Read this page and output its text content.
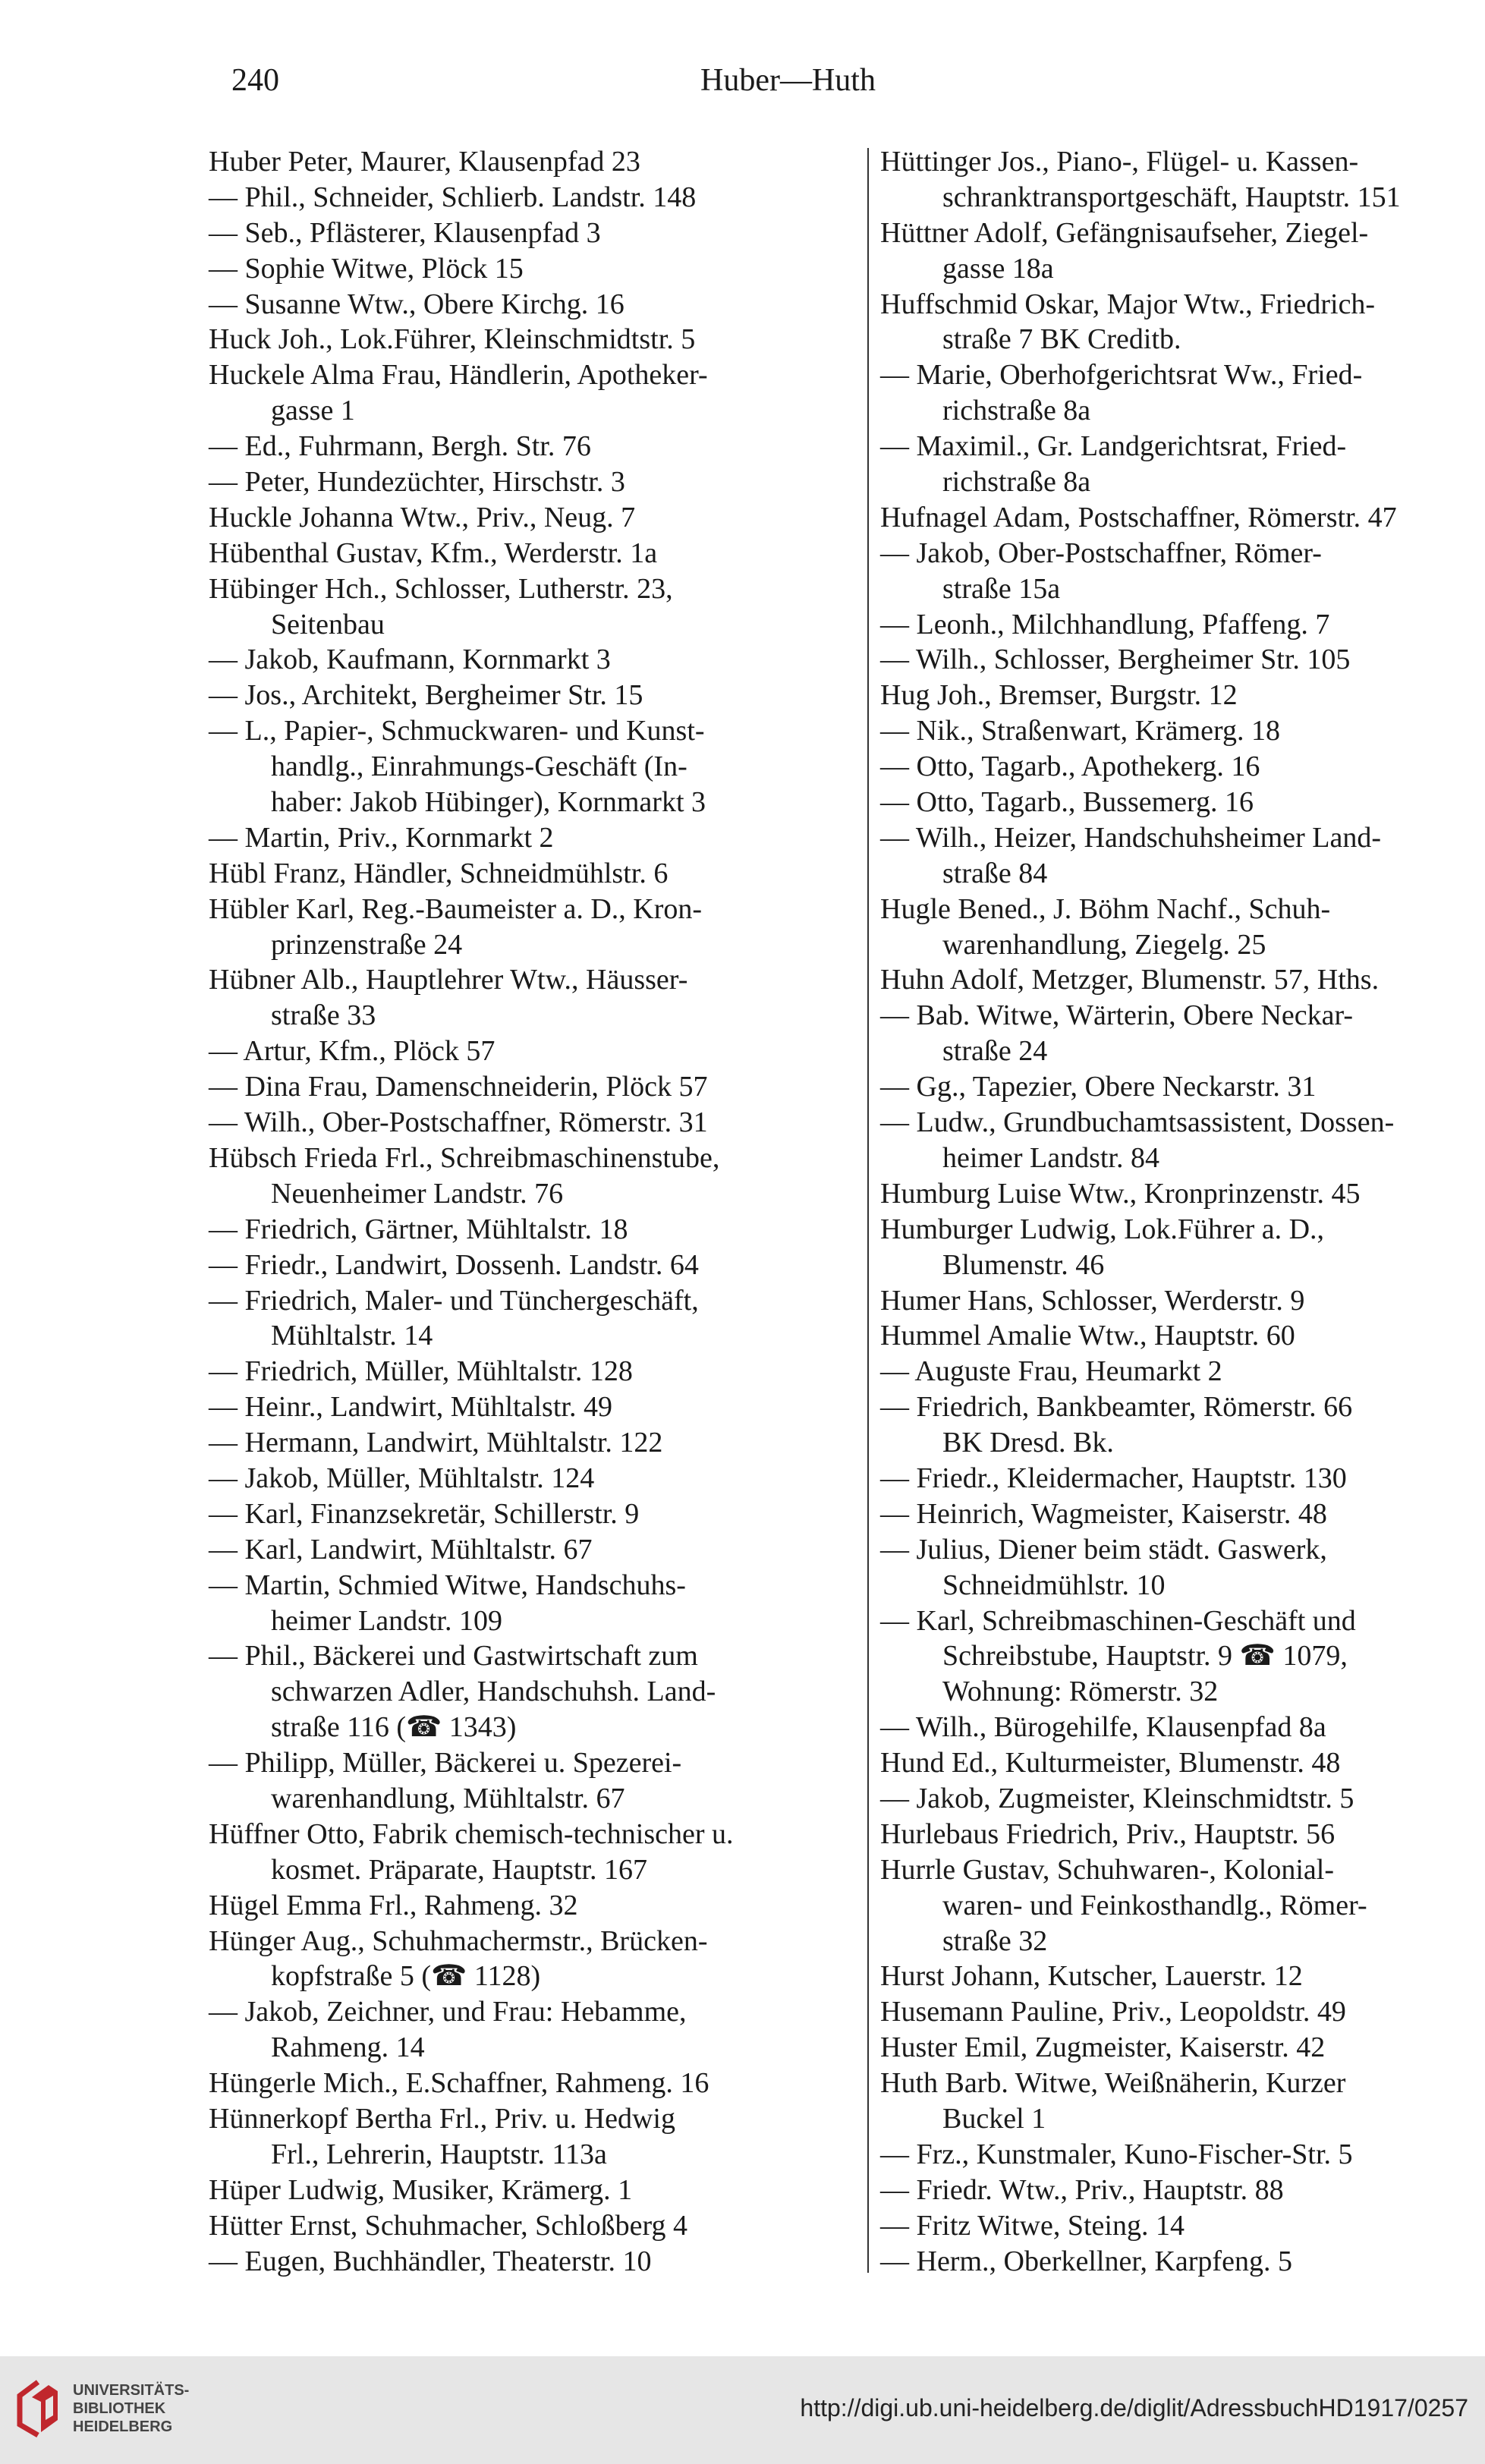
240	Huber—Huth
Huber Peter, Maurer, Klausenpfad 23
— Phil., Schneider, Schlierb. Landstr. 148
— Seb., Pflästerer, Klausenpfad 3
— Sophie Witwe, Plöck 15
— Susanne Wtw., Obere Kirchg. 16
Huck Joh., Lok.Führer, Kleinschmidtstr. 5
Huckele Alma Frau, Händlerin, Apotheker-
gasse 1
— Ed., Fuhrmann, Bergh. Str. 76
— Peter, Hundezüchter, Hirschstr. 3
Huckle Johanna Wtw., Priv., Neug. 7
Hübenthal Gustav, Kfm., Werderstr. 1a
Hübinger Hch., Schlosser, Lutherstr. 23,
Seitenbau
— Jakob, Kaufmann, Kornmarkt 3
— Jos., Architekt, Bergheimer Str. 15
— L., Papier-, Schmuckwaren- und Kunst-
handlg., Einrahmungs-Geschäft (In-
haber: Jakob Hübinger), Kornmarkt 3
— Martin, Priv., Kornmarkt 2
Hübl Franz, Händler, Schneidmühlstr. 6
Hübler Karl, Reg.-Baumeister a. D., Kron-
prinzenstraße 24
Hübner Alb., Hauptlehrer Wtw., Häusser-
straße 33
— Artur, Kfm., Plöck 57
— Dina Frau, Damenschneiderin, Plöck 57
— Wilh., Ober-Postschaffner, Römerstr. 31
Hübsch Frieda Frl., Schreibmaschinenstube,
Neuenheimer Landstr. 76
— Friedrich, Gärtner, Mühltalstr. 18
— Friedr., Landwirt, Dossenh. Landstr. 64
— Friedrich, Maler- und Tünchergeschäft,
Mühltalstr. 14
— Friedrich, Müller, Mühltalstr. 128
— Heinr., Landwirt, Mühltalstr. 49
— Hermann, Landwirt, Mühltalstr. 122
— Jakob, Müller, Mühltalstr. 124
— Karl, Finanzsekretär, Schillerstr. 9
— Karl, Landwirt, Mühltalstr. 67
— Martin, Schmied Witwe, Handschuhs-
heimer Landstr. 109
— Phil., Bäckerei und Gastwirtschaft zum
schwarzen Adler, Handschuhsh. Land-
straße 116 (☎ 1343)
— Philipp, Müller, Bäckerei u. Spezerei-
warenhandlung, Mühltalstr. 67
Hüffner Otto, Fabrik chemisch-technischer u.
kosmet. Präparate, Hauptstr. 167
Hügel Emma Frl., Rahmeng. 32
Hünger Aug., Schuhmachermstr., Brücken-
kopfstraße 5 (☎ 1128)
— Jakob, Zeichner, und Frau: Hebamme,
Rahmeng. 14
Hüngerle Mich., E.Schaffner, Rahmeng. 16
Hünnerkopf Bertha Frl., Priv. u. Hedwig
Frl., Lehrerin, Hauptstr. 113a
Hüper Ludwig, Musiker, Krämerg. 1
Hütter Ernst, Schuhmacher, Schloßberg 4
— Eugen, Buchhändler, Theaterstr. 10
Hüttinger Jos., Piano-, Flügel- u. Kassen-
schranktransportgeschäft, Hauptstr. 151
Hüttner Adolf, Gefängnisaufseher, Ziegel-
gasse 18a
Huffschmid Oskar, Major Wtw., Friedrich-
straße 7 BK Creditb.
— Marie, Oberhofgerichtsrat Ww., Fried-
richstraße 8a
— Maximil., Gr. Landgerichtsrat, Fried-
richstraße 8a
Hufnagel Adam, Postschaffner, Römerstr. 47
— Jakob, Ober-Postschaffner, Römer-
straße 15a
— Leonh., Milchhandlung, Pfaffeng. 7
— Wilh., Schlosser, Bergheimer Str. 105
Hug Joh., Bremser, Burgstr. 12
— Nik., Straßenwart, Krämerg. 18
— Otto, Tagarb., Apothekerg. 16
— Otto, Tagarb., Bussemerg. 16
— Wilh., Heizer, Handschuhsheimer Land-
straße 84
Hugle Bened., J. Böhm Nachf., Schuh-
warenhandlung, Ziegelg. 25
Huhn Adolf, Metzger, Blumenstr. 57, Hths.
— Bab. Witwe, Wärterin, Obere Neckar-
straße 24
— Gg., Tapezier, Obere Neckarstr. 31
— Ludw., Grundbuchamtsassistent, Dossen-
heimer Landstr. 84
Humburg Luise Wtw., Kronprinzenstr. 45
Humburger Ludwig, Lok.Führer a. D.,
Blumenstr. 46
Humer Hans, Schlosser, Werderstr. 9
Hummel Amalie Wtw., Hauptstr. 60
— Auguste Frau, Heumarkt 2
— Friedrich, Bankbeamter, Römerstr. 66
BK Dresd. Bk.
— Friedr., Kleidermacher, Hauptstr. 130
— Heinrich, Wagmeister, Kaiserstr. 48
— Julius, Diener beim städt. Gaswerk,
Schneidmühlstr. 10
— Karl, Schreibmaschinen-Geschäft und
Schreibstube, Hauptstr. 9 ☎ 1079,
Wohnung: Römerstr. 32
— Wilh., Bürogehilfe, Klausenpfad 8a
Hund Ed., Kulturmeister, Blumenstr. 48
— Jakob, Zugmeister, Kleinschmidtstr. 5
Hurlebaus Friedrich, Priv., Hauptstr. 56
Hurrle Gustav, Schuhwaren-, Kolonial-
waren- und Feinkosthandlg., Römer-
straße 32
Hurst Johann, Kutscher, Lauerstr. 12
Husemann Pauline, Priv., Leopoldstr. 49
Huster Emil, Zugmeister, Kaiserstr. 42
Huth Barb. Witwe, Weißnäherin, Kurzer
Buckel 1
— Frz., Kunstmaler, Kuno-Fischer-Str. 5
— Friedr. Wtw., Priv., Hauptstr. 88
— Fritz Witwe, Steing. 14
— Herm., Oberkellner, Karpfeng. 5
UNIVERSITÄTS-
BIBLIOTHEK
HEIDELBERG
http://digi.ub.uni-heidelberg.de/diglit/AdressbuchHD1917/0257
